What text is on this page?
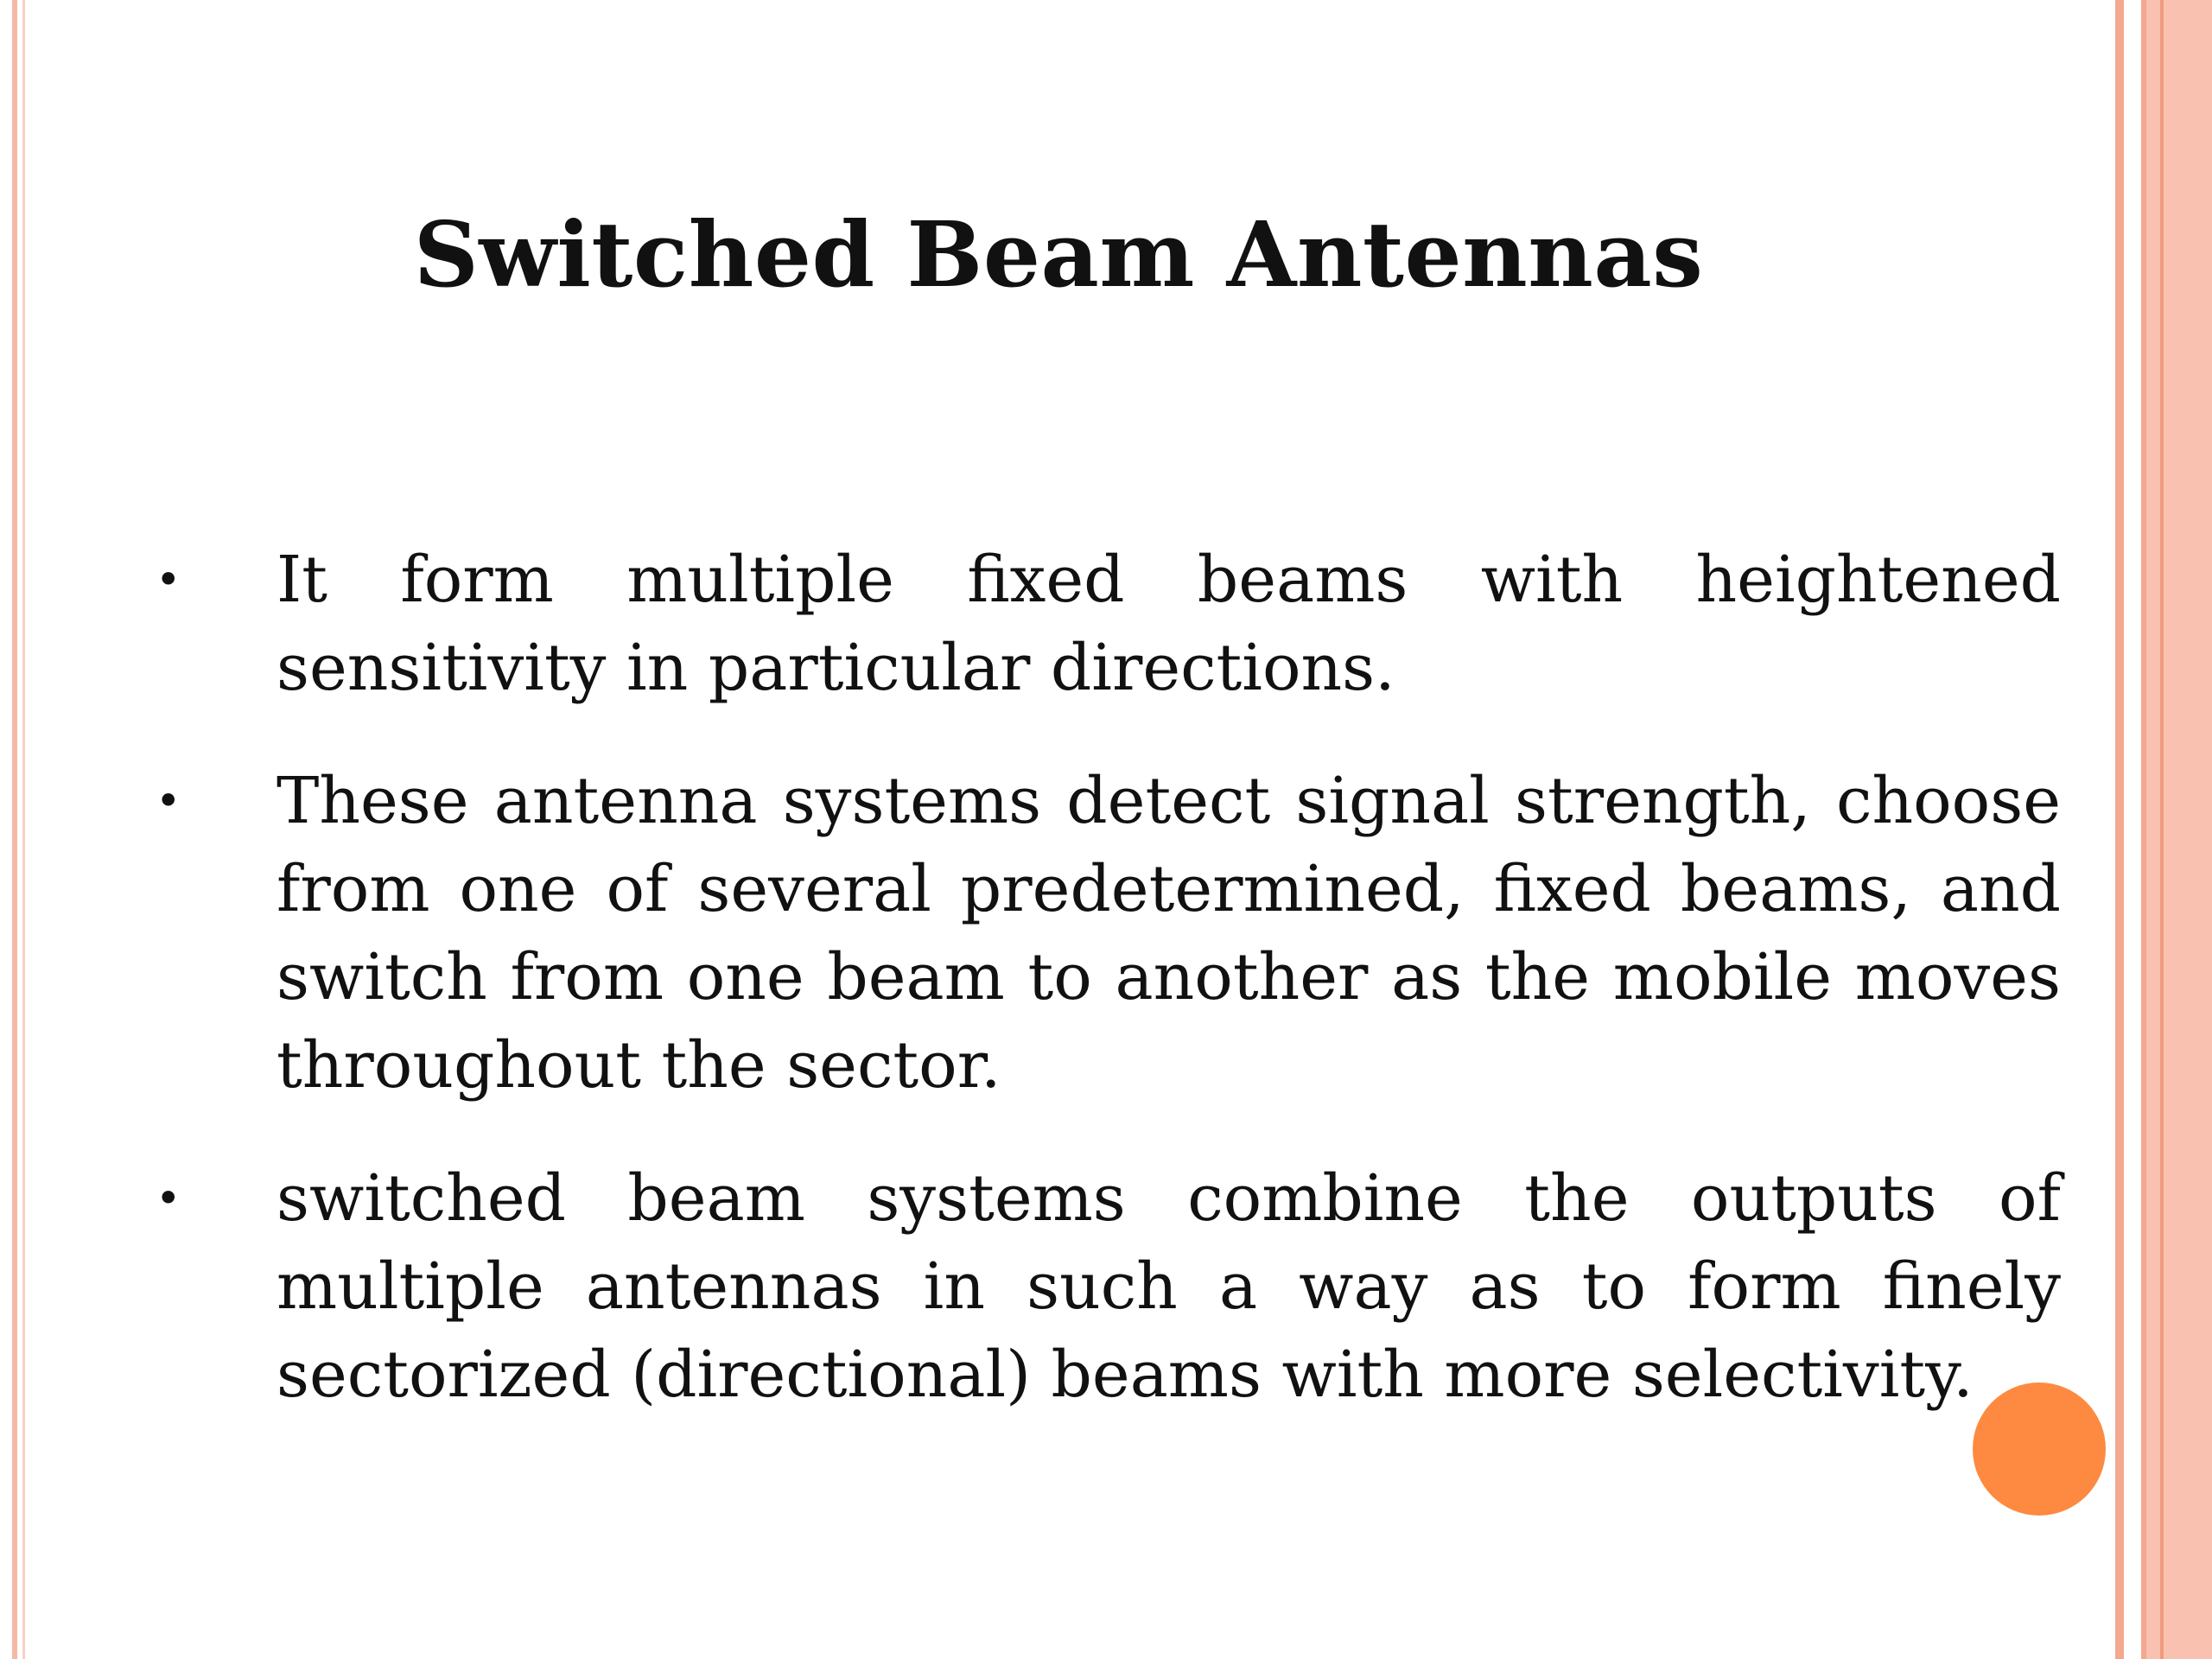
Switched Beam Antennas
• It form multiple fixed beams with heightened sensitivity in particular directions.
• These antenna systems detect signal strength, choose from one of several predetermined, fixed beams, and switch from one beam to another as the mobile moves throughout the sector.
• switched beam systems combine the outputs of multiple antennas in such a way as to form finely sectorized (directional) beams with more selectivity.
